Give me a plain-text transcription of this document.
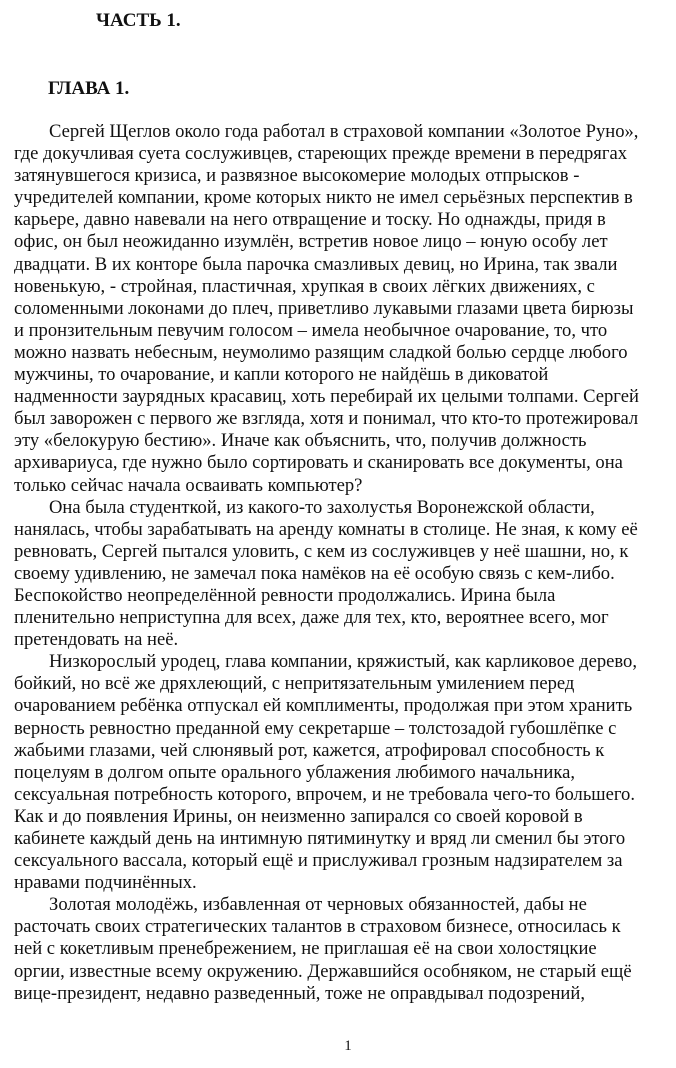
ЧАСТЬ 1.
ГЛАВА 1.
Сергей Щеглов около года работал в страховой компании «Золотое Руно»,
где докучливая суета сослуживцев, стареющих прежде времени в передрягах
затянувшегося кризиса, и развязное высокомерие молодых отпрысков -
учредителей компании, кроме которых никто не имел серьёзных перспектив в
карьере, давно навевали на него отвращение и тоску. Но однажды, придя в
офис, он был неожиданно изумлён, встретив новое лицо – юную особу лет
двадцати. В их конторе была парочка смазливых девиц, но Ирина, так звали
новенькую, - стройная, пластичная, хрупкая в своих лёгких движениях, с
соломенными локонами до плеч, приветливо лукавыми глазами цвета бирюзы
и пронзительным певучим голосом – имела необычное очарование, то, что
можно назвать небесным, неумолимо разящим сладкой болью сердце любого
мужчины, то очарование, и капли которого не найдёшь в диковатой
надменности заурядных красавиц, хоть перебирай их целыми толпами. Сергей
был заворожен с первого же взгляда, хотя и понимал, что кто-то протежировал
эту «белокурую бестию». Иначе как объяснить, что, получив должность
архивариуса, где нужно было сортировать и сканировать все документы, она
только сейчас начала осваивать компьютер?
Она была студенткой, из какого-то захолустья Воронежской области,
нанялась, чтобы зарабатывать на аренду комнаты в столице. Не зная, к кому её
ревновать, Сергей пытался уловить, с кем из сослуживцев у неё шашни, но, к
своему удивлению, не замечал пока намёков на её особую связь с кем-либо.
Беспокойство неопределённой ревности продолжались. Ирина была
пленительно неприступна для всех, даже для тех, кто, вероятнее всего, мог
претендовать на неё.
Низкорослый уродец, глава компании, кряжистый, как карликовое дерево,
бойкий, но всё же дряхлеющий, с непритязательным умилением перед
очарованием ребёнка отпускал ей комплименты, продолжая при этом хранить
верность ревностно преданной ему секретарше – толстозадой губошлёпке с
жабьими глазами, чей слюнявый рот, кажется, атрофировал способность к
поцелуям в долгом опыте орального ублажения любимого начальника,
сексуальная потребность которого, впрочем, и не требовала чего-то большего.
Как и до появления Ирины, он неизменно запирался со своей коровой в
кабинете каждый день на интимную пятиминутку и вряд ли сменил бы этого
сексуального вассала, который ещё и прислуживал грозным надзирателем за
нравами подчинённых.
Золотая молодёжь, избавленная от черновых обязанностей, дабы не
расточать своих стратегических талантов в страховом бизнесе, относилась к
ней с кокетливым пренебрежением, не приглашая её на свои холостяцкие
оргии, известные всему окружению. Державшийся особняком, не старый ещё
вице-президент, недавно разведенный, тоже не оправдывал подозрений,

1
